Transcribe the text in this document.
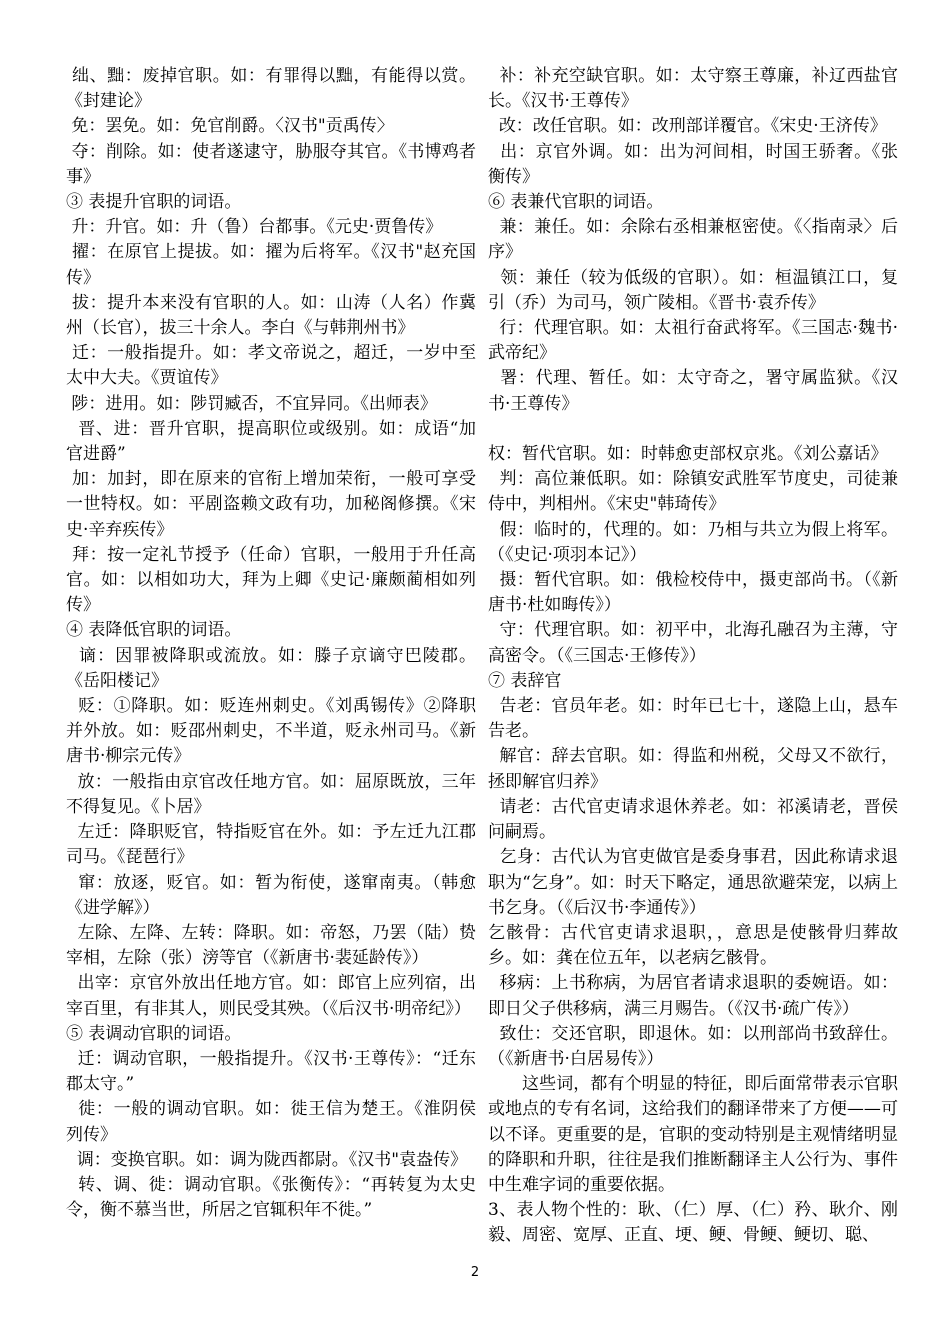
绌、黜：废掉官职。如：有罪得以黜，有能得以赏。《封建论》

免：罢免。如：免官削爵。〈汉书"贡禹传〉

夺：削除。如：使者遂逮守，胁服夺其官。《书博鸡者事》

③ 表提升官职的词语。

升：升官。如：升（鲁）台都事。《元史·贾鲁传》

擢：在原官上提拔。如：擢为后将军。《汉书"赵充国传》

拔：提升本来没有官职的人。如：山涛（人名）作冀州（长官），拔三十余人。李白《与韩荆州书》

迁：一般指提升。如：孝文帝说之，超迁，一岁中至太中大夫。《贾谊传》

陟：进用。如：陟罚臧否，不宜异同。《出师表》

晋、进：晋升官职，提高职位或级别。如：成语“加官进爵”

加：加封，即在原来的官衔上增加荣衔，一般可享受一世特权。如：平剧盗赖文政有功，加秘阁修撰。《宋史·辛弃疾传》

拜：按一定礼节授予（任命）官职，一般用于升任高官。如：以相如功大，拜为上卿《史记·廉颇蔺相如列传》

④ 表降低官职的词语。

谪：因罪被降职或流放。如：滕子京谪守巴陵郡。《岳阳楼记》

贬：①降职。如：贬连州刺史。《刘禹锡传》②降职并外放。如：贬邵州刺史，不半道，贬永州司马。《新唐书·柳宗元传》

放：一般指由京官改任地方官。如：屈原既放，三年不得复见。《卜居》

左迁：降职贬官，特指贬官在外。如：予左迁九江郡司马。《琵琶行》

窜：放逐，贬官。如：暂为衔使，遂窜南夷。（韩愈《进学解》）

左除、左降、左转：降职。如：帝怒，乃罢（陆）贽宰相，左除（张）滂等官（《新唐书·裴延龄传》）

出宰：京官外放出任地方官。如：郎官上应列宿，出宰百里，有非其人，则民受其殃。（《后汉书·明帝纪》）

⑤ 表调动官职的词语。

迁：调动官职，一般指提升。《汉书·王尊传》：“迁东郡太守。”

徙：一般的调动官职。如：徙王信为楚王。《淮阴侯列传》

调：变换官职。如：调为陇西都尉。《汉书"袁盎传》

转、调、徙：调动官职。《张衡传》：“再转复为太史令，衡不慕当世，所居之官辄积年不徙。”

补：补充空缺官职。如：太守察王尊廉，补辽西盐官长。《汉书·王尊传》

改：改任官职。如：改刑部详覆官。《宋史·王济传》

出：京官外调。如：出为河间相，时国王骄奢。《张衡传》

⑥ 表兼代官职的词语。

兼：兼任。如：余除右丞相兼枢密使。《〈指南录〉后序》

领：兼任（较为低级的官职）。如：桓温镇江口，复引（乔）为司马，领广陵相。《晋书·袁乔传》

行：代理官职。如：太祖行奋武将军。《三国志·魏书·武帝纪》

署：代理、暂任。如：太守奇之，署守属监狱。《汉书·王尊传》

权：暂代官职。如：时韩愈吏部权京兆。《刘公嘉话》

判：高位兼低职。如：除镇安武胜军节度史，司徒兼侍中，判相州。《宋史"韩琦传》

假：临时的，代理的。如：乃相与共立为假上将军。（《史记·项羽本记》）

摄：暂代官职。如：俄检校侍中，摄吏部尚书。（《新唐书·杜如晦传》）

守：代理官职。如：初平中，北海孔融召为主薄，守高密令。（《三国志·王修传》）

⑦ 表辞官

告老：官员年老。如：时年已七十，遂隐上山，悬车告老。

解官：辞去官职。如：得监和州税，父母又不欲行，拯即解官归养》

请老：古代官吏请求退休养老。如：祁溪请老，晋侯问嗣焉。

乞身：古代认为官吏做官是委身事君，因此称请求退职为“乞身”。如：时天下略定，通思欲避荣宠，以病上书乞身。（《后汉书·李通传》）

乞骸骨：古代官吏请求退职，，意思是使骸骨归葬故乡。如：龚在位五年，以老病乞骸骨。

移病：上书称病，为居官者请求退职的委婉语。如：即日父子供移病，满三月赐告。（《汉书·疏广传》）

致仕：交还官职，即退休。如：以刑部尚书致辞仕。（《新唐书·白居易传》）

这些词，都有个明显的特征，即后面常带表示官职或地点的专有名词，这给我们的翻译带来了方便——可以不译。更重要的是，官职的变动特别是主观情绪明显的降职和升职，往往是我们推断翻译主人公行为、事件中生难字词的重要依据。

3、表人物个性的：耿、（仁）厚、（仁）矜、耿介、刚毅、周密、宽厚、正直、埂、鲠、骨鲠、鲠切、聪、

2
